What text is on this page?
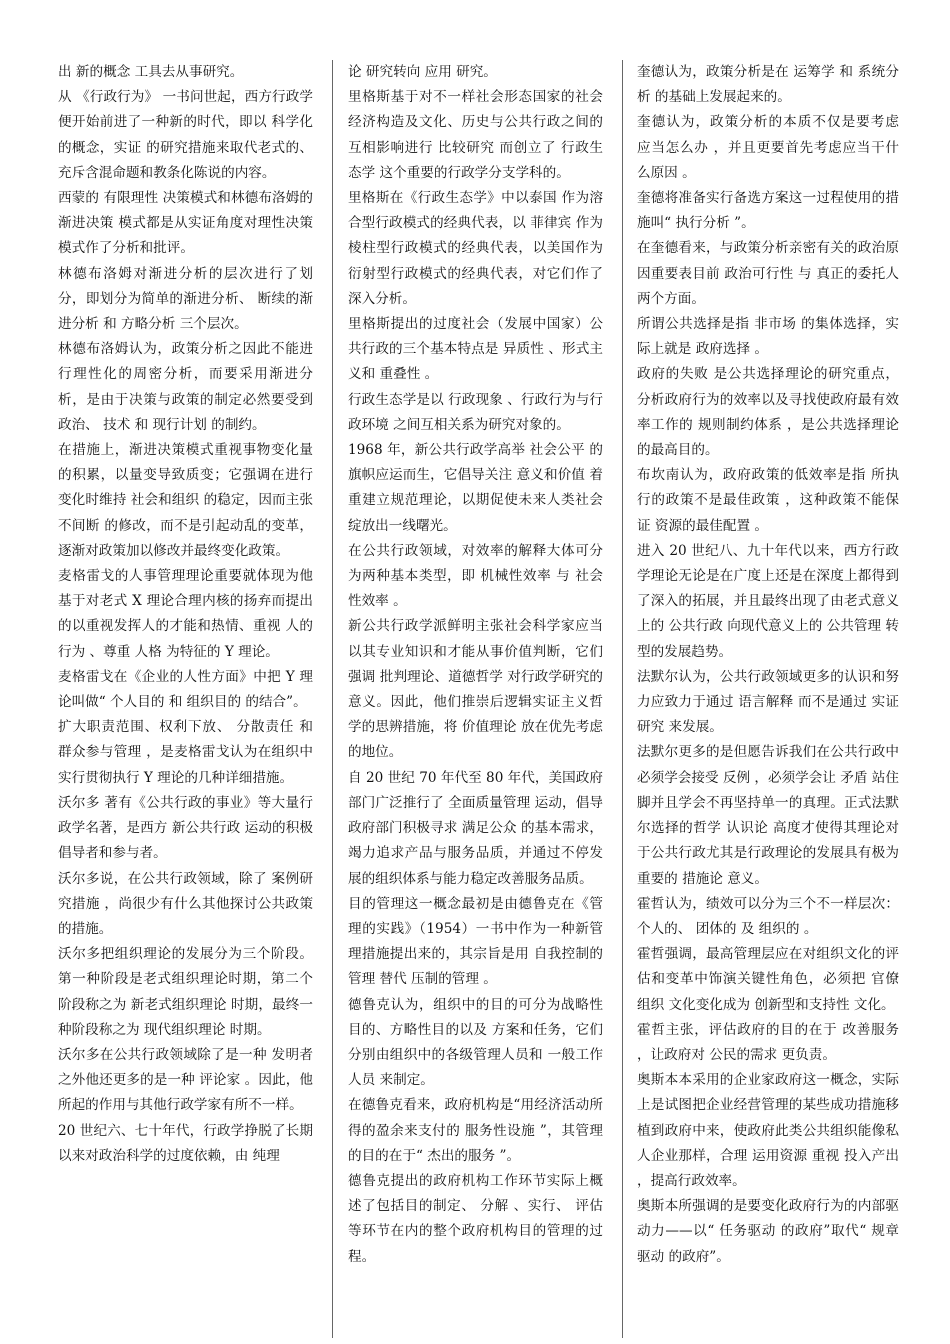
出 新的概念 工具去从事研究。

从 《行政行为》 一书问世起，西方行政学便开始前进了一种新的时代，即以 科学化的概念，实证 的研究措施来取代老式的、充斥含混命题和教条化陈说的内容。

西蒙的 有限理性 决策模式和林德布洛姆的 渐进决策 模式都是从实证角度对理性决策模式作了分析和批评。

林德布洛姆对渐进分析的层次进行了划分，即划分为简单的渐进分析、 断续的渐进分析 和 方略分析 三个层次。

林德布洛姆认为，政策分析之因此不能进行理性化的周密分析，而要采用渐进分析，是由于决策与政策的制定必然要受到政治、 技术 和 现行计划 的制约。

在措施上，渐进决策模式重视事物变化量的积累，以量变导致质变；它强调在进行变化时维持 社会和组织 的稳定，因而主张 不间断 的修改，而不是引起动乱的变革，逐渐对政策加以修改并最终变化政策。

麦格雷戈的人事管理理论重要就体现为他基于对老式 X 理论合理内核的扬弃而提出的以重视发挥人的才能和热情、重视 人的行为 、尊重 人格 为特征的 Y 理论。

麦格雷戈在《企业的人性方面》中把 Y 理论叫做“ 个人目的 和 组织目的 的结合”。

扩大职责范围、权利下放、 分散责任 和 群众参与管理 ，是麦格雷戈认为在组织中实行贯彻执行 Y 理论的几种详细措施。

沃尔多 著有《公共行政的事业》等大量行政学名著，是西方 新公共行政 运动的积极倡导者和参与者。

沃尔多说，在公共行政领域，除了 案例研究措施 ，尚很少有什么其他探讨公共政策的措施。

沃尔多把组织理论的发展分为三个阶段。第一种阶段是老式组织理论时期，第二个阶段称之为 新老式组织理论 时期，最终一种阶段称之为 现代组织理论 时期。

沃尔多在公共行政领域除了是一种 发明者 之外他还更多的是一种 评论家 。因此，他所起的作用与其他行政学家有所不一样。

20 世纪六、七十年代，行政学挣脱了长期以来对政治科学的过度依赖，由 纯理

论 研究转向 应用 研究。

里格斯基于对不一样社会形态国家的社会经济构造及文化、历史与公共行政之间的互相影响进行 比较研究 而创立了 行政生态学 这个重要的行政学分支学科的。

里格斯在《行政生态学》中以泰国 作为溶合型行政模式的经典代表，以 菲律宾 作为棱柱型行政模式的经典代表，以美国作为衍射型行政模式的经典代表，对它们作了深入分析。

里格斯提出的过度社会（发展中国家）公共行政的三个基本特点是 异质性 、形式主义和 重叠性 。

行政生态学是以 行政现象 、行政行为与行政环境 之间互相关系为研究对象的。

1968 年，新公共行政学高举 社会公平 的旗帜应运而生，它倡导关注 意义和价值 着重建立规范理论，以期促使未来人类社会绽放出一线曙光。

在公共行政领域，对效率的解释大体可分为两种基本类型，即 机械性效率 与 社会性效率 。

新公共行政学派鲜明主张社会科学家应当以其专业知识和才能从事价值判断，它们强调 批判理论、道德哲学 对行政学研究的意义。因此，他们推崇后逻辑实证主义哲学的思辨措施，将 价值理论 放在优先考虑的地位。

自 20 世纪 70 年代至 80 年代，美国政府部门广泛推行了 全面质量管理 运动，倡导政府部门积极寻求 满足公众 的基本需求，竭力追求产品与服务品质，并通过不停发展的组织体系与能力稳定改善服务品质。

目的管理这一概念最初是由德鲁克在《管理的实践》（1954）一书中作为一种新管理措施提出来的，其宗旨是用 自我控制的管理 替代 压制的管理 。

德鲁克认为，组织中的目的可分为战略性目的、方略性目的以及 方案和任务，它们分别由组织中的各级管理人员和 一般工作人员 来制定。

在德鲁克看来，政府机构是“用经济活动所得的盈余来支付的 服务性设施 ”，其管理的目的在于“ 杰出的服务 ”。

德鲁克提出的政府机构工作环节实际上概述了包括目的制定、 分解 、实行、 评估 等环节在内的整个政府机构目的管理的过程。

奎德认为，政策分析是在 运筹学 和 系统分析 的基础上发展起来的。

奎德认为，政策分析的本质不仅是要考虑 应当怎么办 ，并且更要首先考虑应当干什么原因 。

奎德将准备实行备选方案这一过程使用的措施叫“ 执行分析 ”。

在奎德看来，与政策分析亲密有关的政治原因重要表目前 政治可行性 与 真正的委托人 两个方面。

所谓公共选择是指 非市场 的集体选择，实际上就是 政府选择 。

政府的失败 是公共选择理论的研究重点，分析政府行为的效率以及寻找使政府最有效率工作的 规则制约体系 ，是公共选择理论的最高目的。

布坎南认为，政府政策的低效率是指 所执行的政策不是最佳政策 ，这种政策不能保证 资源的最佳配置 。

进入 20 世纪八、九十年代以来，西方行政学理论无论是在广度上还是在深度上都得到了深入的拓展，并且最终出现了由老式意义上的 公共行政 向现代意义上的 公共管理 转型的发展趋势。

法默尔认为，公共行政领域更多的认识和努力应致力于通过 语言解释 而不是通过 实证研究 来发展。

法默尔更多的是但愿告诉我们在公共行政中必须学会接受 反例 ，必须学会让 矛盾 站住脚并且学会不再坚持单一的真理。正式法默尔选择的哲学 认识论 高度才使得其理论对于公共行政尤其是行政理论的发展具有极为重要的 措施论 意义。

霍哲认为，绩效可以分为三个不一样层次：个人的、 团体的 及 组织的 。

霍哲强调，最高管理层应在对组织文化的评估和变革中饰演关键性角色，必须把 官僚组织 文化变化成为 创新型和支持性 文化。

霍哲主张，评估政府的目的在于 改善服务 ，让政府对 公民的需求 更负责。

奥斯本本采用的企业家政府这一概念，实际上是试图把企业经营管理的某些成功措施移植到政府中来，使政府此类公共组织能像私人企业那样，合理 运用资源 重视 投入产出 ，提高行政效率。

奥斯本所强调的是要变化政府行为的内部驱动力——以“ 任务驱动 的政府”取代“ 规章驱动 的政府”。
